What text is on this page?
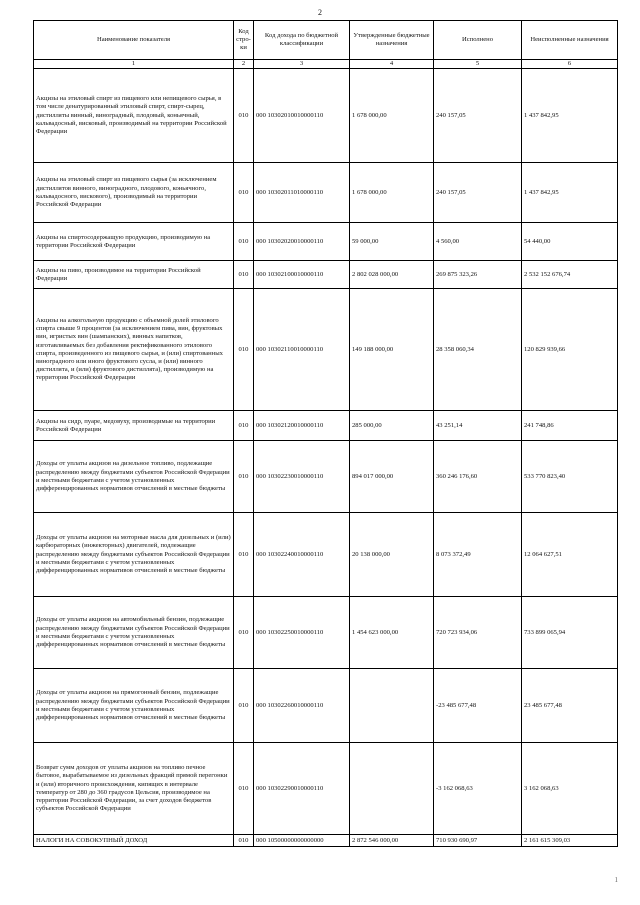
2
Наименование показателя	Код стро-ки	Код дохода по бюджетной классификации	Утвержденные бюджетные назначения	Исполнено	Неисполненные назначения
1	2	3	4	5	6
Акцизы на этиловый спирт из пищевого или непищевого сырья, в том числе денатурированный этиловый спирт, спирт-сырец, дистилляты винный, виноградный, плодовый, коньячный, кальвадосный, висковый, производимый на территории Российской Федерации	010	000 10302010010000110	1 678 000,00	240 157,05	1 437 842,95
Акцизы на этиловый спирт из пищевого сырья (за исключением дистиллятов винного, виноградного, плодового, коньячного, кальвадосного, вискового), производимый на территории Российской Федерации	010	000 10302011010000110	1 678 000,00	240 157,05	1 437 842,95
Акцизы на спиртосодержащую продукцию, производимую на территории Российской Федерации	010	000 10302020010000110	59 000,00	4 560,00	54 440,00
Акцизы на пиво, производимое на территории Российской Федерации	010	000 10302100010000110	2 802 028 000,00	269 875 323,26	2 532 152 676,74
Акцизы на алкогольную продукцию с объемной долей этилового спирта свыше 9 процентов (за исключением пива, вин, фруктовых вин, игристых вин (шампанских), винных напитков, изготавливаемых без добавления ректификованного этилового спирта, произведенного из пищевого сырья, и (или) спиртованных виноградного или иного фруктового сусла, и (или) винного дистиллята, и (или) фруктового дистиллята), производимую на территории Российской Федерации	010	000 10302110010000110	149 188 000,00	28 358 060,34	120 829 939,66
Акцизы на сидр, пуаре, медовуху, производимые на территории Российской Федерации	010	000 10302120010000110	285 000,00	43 251,14	241 748,86
Доходы от уплаты акцизов на дизельное топливо, подлежащие распределению между бюджетами субъектов Российской Федерации и местными бюджетами с учетом установленных дифференцированных нормативов отчислений в местные бюджеты	010	000 10302230010000110	894 017 000,00	360 246 176,60	533 770 823,40
Доходы от уплаты акцизов на моторные масла для дизельных и (или) карбюраторных (инжекторных) двигателей, подлежащие распределению между бюджетами субъектов Российской Федерации и местными бюджетами с учетом установленных дифференцированных нормативов отчислений в местные бюджеты	010	000 10302240010000110	20 138 000,00	8 073 372,49	12 064 627,51
Доходы от уплаты акцизов на автомобильный бензин, подлежащие распределению между бюджетами субъектов Российской Федерации и местными бюджетами с учетом установленных дифференцированных нормативов отчислений в местные бюджеты	010	000 10302250010000110	1 454 623 000,00	720 723 934,06	733 899 065,94
Доходы от уплаты акцизов на прямогонный бензин, подлежащие распределению между бюджетами субъектов Российской Федерации и местными бюджетами с учетом установленных дифференцированных нормативов отчислений в местные бюджеты	010	000 10302260010000110		-23 485 677,48	23 485 677,48
Возврат сумм доходов от уплаты акцизов на топливо печное бытовое, вырабатываемое из дизельных фракций прямой перегонки и (или) вторичного происхождения, кипящих в интервале температур от 280 до 360 градусов Цельсия, производимое на территории Российской Федерации, за счет доходов бюджетов субъектов Российской Федерации	010	000 10302290010000110		-3 162 068,63	3 162 068,63
НАЛОГИ НА СОВОКУПНЫЙ ДОХОД	010	000 10500000000000000	2 872 546 000,00	710 930 690,97	2 161 615 309,03
1
